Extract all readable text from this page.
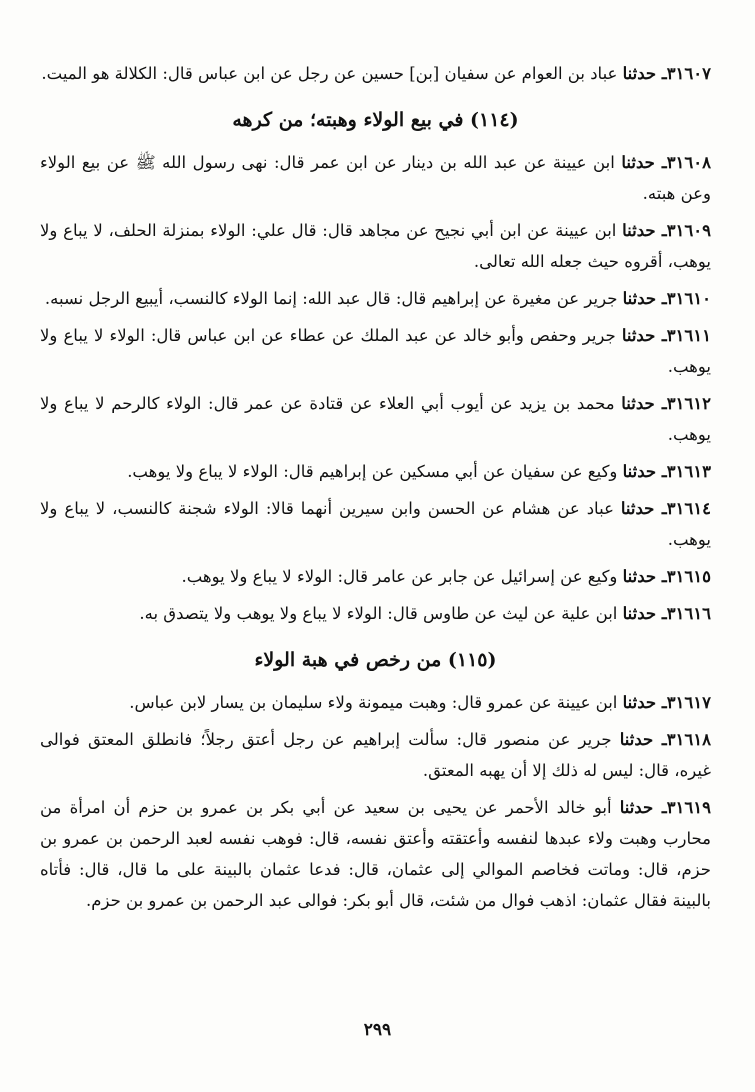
٣١٦٠٧ـ حدثنا عباد بن العوام عن سفيان [بن] حسين عن رجل عن ابن عباس قال: الكلالة هو الميت.

(١١٤) في بيع الولاء وهبته؛ من كرهه

٣١٦٠٨ـ حدثنا ابن عيينة عن عبد الله بن دينار عن ابن عمر قال: نهى رسول الله ﷺ عن بيع الولاء وعن هبته.

٣١٦٠٩ـ حدثنا ابن عيينة عن ابن أبي نجيح عن مجاهد قال: قال علي: الولاء بمنزلة الحلف، لا يباع ولا يوهب، أقروه حيث جعله الله تعالى.

٣١٦١٠ـ حدثنا جرير عن مغيرة عن إبراهيم قال: قال عبد الله: إنما الولاء كالنسب، أيبيع الرجل نسبه.

٣١٦١١ـ حدثنا جرير وحفص وأبو خالد عن عبد الملك عن عطاء عن ابن عباس قال: الولاء لا يباع ولا يوهب.

٣١٦١٢ـ حدثنا محمد بن يزيد عن أيوب أبي العلاء عن قتادة عن عمر قال: الولاء كالرحم لا يباع ولا يوهب.

٣١٦١٣ـ حدثنا وكيع عن سفيان عن أبي مسكين عن إبراهيم قال: الولاء لا يباع ولا يوهب.

٣١٦١٤ـ حدثنا عباد عن هشام عن الحسن وابن سيرين أنهما قالا: الولاء شجنة كالنسب، لا يباع ولا يوهب.

٣١٦١٥ـ حدثنا وكيع عن إسرائيل عن جابر عن عامر قال: الولاء لا يباع ولا يوهب.

٣١٦١٦ـ حدثنا ابن علية عن ليث عن طاوس قال: الولاء لا يباع ولا يوهب ولا يتصدق به.

(١١٥) من رخص في هبة الولاء

٣١٦١٧ـ حدثنا ابن عيينة عن عمرو قال: وهبت ميمونة ولاء سليمان بن يسار لابن عباس.

٣١٦١٨ـ حدثنا جرير عن منصور قال: سألت إبراهيم عن رجل أعتق رجلاً؛ فانطلق المعتق فوالى غيره، قال: ليس له ذلك إلا أن يهبه المعتق.

٣١٦١٩ـ حدثنا أبو خالد الأحمر عن يحيى بن سعيد عن أبي بكر بن عمرو بن حزم أن امرأة من محارب وهبت ولاء عبدها لنفسه وأعتقته وأعتق نفسه، قال: فوهب نفسه لعبد الرحمن بن عمرو بن حزم، قال: وماتت فخاصم الموالي إلى عثمان، قال: فدعا عثمان بالبينة على ما قال، قال: فأتاه بالبينة فقال عثمان: اذهب فوال من شئت، قال أبو بكر: فوالى عبد الرحمن بن عمرو بن حزم.

٢٩٩
